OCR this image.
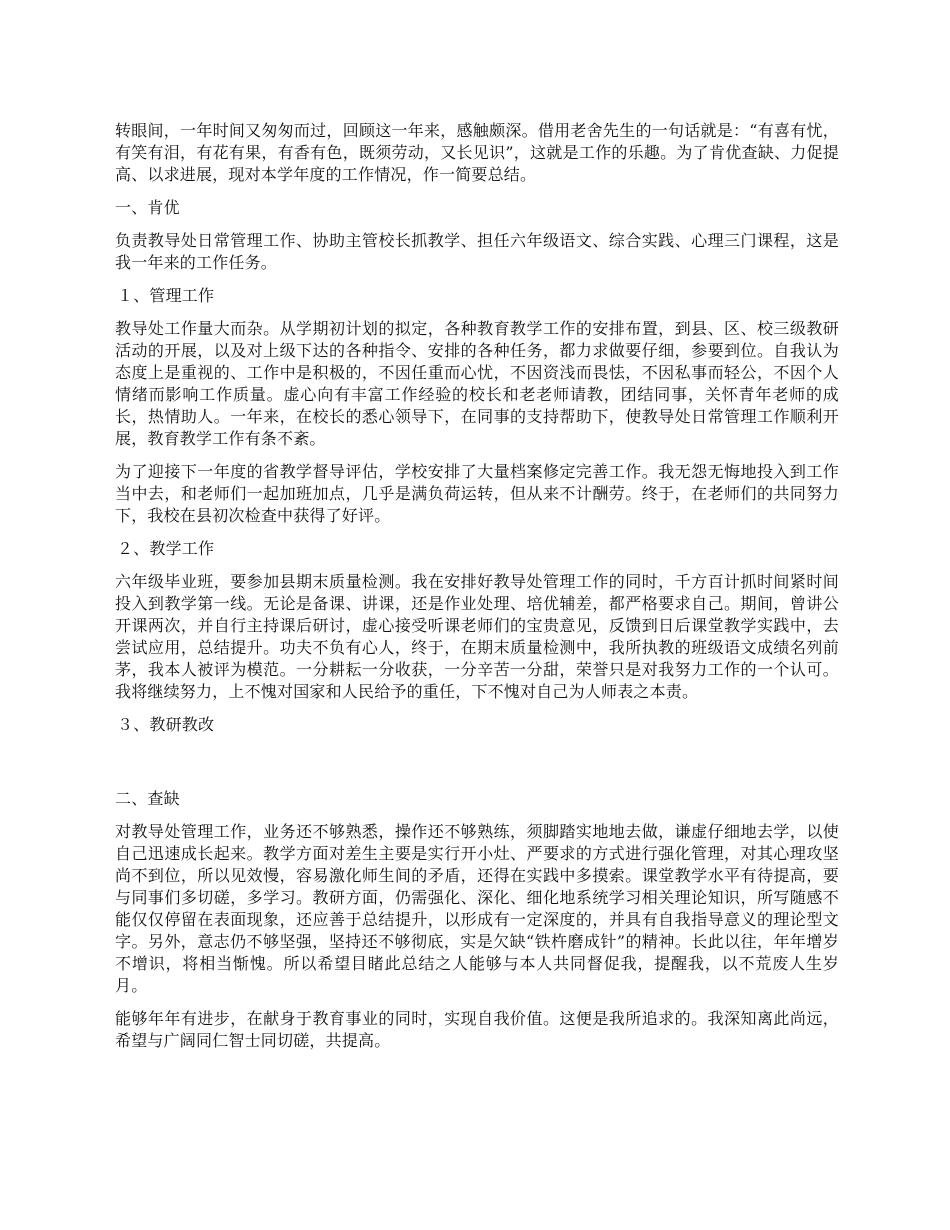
转眼间，一年时间又匆匆而过，回顾这一年来，感触颇深。借用老舍先生的一句话就是：“有喜有忧，有笑有泪，有花有果，有香有色，既须劳动，又长见识”，这就是工作的乐趣。为了肯优查缺、力促提高、以求进展，现对本学年度的工作情况，作一简要总结。

一、肯优

负责教导处日常管理工作、协助主管校长抓教学、担任六年级语文、综合实践、心理三门课程，这是我一年来的工作任务。

１、管理工作

教导处工作量大而杂。从学期初计划的拟定，各种教育教学工作的安排布置，到县、区、校三级教研活动的开展，以及对上级下达的各种指令、安排的各种任务，都力求做要仔细，参要到位。自我认为态度上是重视的、工作中是积极的，不因任重而心忧，不因资浅而畏怯，不因私事而轻公，不因个人情绪而影响工作质量。虚心向有丰富工作经验的校长和老老师请教，团结同事，关怀青年老师的成长，热情助人。一年来，在校长的悉心领导下，在同事的支持帮助下，使教导处日常管理工作顺利开展，教育教学工作有条不紊。

为了迎接下一年度的省教学督导评估，学校安排了大量档案修定完善工作。我无怨无悔地投入到工作当中去，和老师们一起加班加点，几乎是满负荷运转，但从来不计酬劳。终于，在老师们的共同努力下，我校在县初次检查中获得了好评。

２、教学工作

六年级毕业班，要参加县期末质量检测。我在安排好教导处管理工作的同时，千方百计抓时间紧时间投入到教学第一线。无论是备课、讲课，还是作业处理、培优辅差，都严格要求自己。期间，曾讲公开课两次，并自行主持课后研讨，虚心接受听课老师们的宝贵意见，反馈到日后课堂教学实践中，去尝试应用，总结提升。功夫不负有心人，终于，在期末质量检测中，我所执教的班级语文成绩名列前茅，我本人被评为模范。一分耕耘一分收获，一分辛苦一分甜，荣誉只是对我努力工作的一个认可。我将继续努力，上不愧对国家和人民给予的重任，下不愧对自己为人师表之本责。

３、教研教改

二、查缺

对教导处管理工作，业务还不够熟悉，操作还不够熟练，须脚踏实地地去做，谦虚仔细地去学，以使自己迅速成长起来。教学方面对差生主要是实行开小灶、严要求的方式进行强化管理，对其心理攻坚尚不到位，所以见效慢，容易激化师生间的矛盾，还得在实践中多摸索。课堂教学水平有待提高，要与同事们多切磋，多学习。教研方面，仍需强化、深化、细化地系统学习相关理论知识，所写随感不能仅仅停留在表面现象，还应善于总结提升，以形成有一定深度的，并具有自我指导意义的理论型文字。另外，意志仍不够坚强，坚持还不够彻底，实是欠缺“铁杵磨成针”的精神。长此以往，年年增岁不增识，将相当惭愧。所以希望目睹此总结之人能够与本人共同督促我，提醒我，以不荒废人生岁月。

能够年年有进步，在献身于教育事业的同时，实现自我价值。这便是我所追求的。我深知离此尚远，希望与广阔同仁智士同切磋，共提高。
